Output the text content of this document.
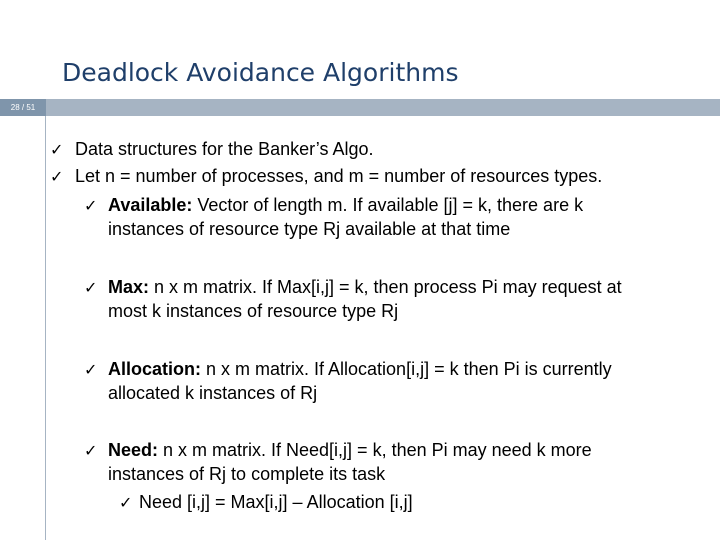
Deadlock Avoidance Algorithms
28 / 51
✓ Data structures for the Banker’s Algo.
✓ Let n = number of processes, and m = number of resources types.
✓ Available: Vector of length m. If available [j] = k, there are k
instances of resource type Rj available at that time
✓ Max: n x m matrix. If Max[i,j] = k, then process Pi may request at
most k instances of resource type Rj
✓ Allocation: n x m matrix. If Allocation[i,j] = k then Pi is currently
allocated k instances of Rj
✓ Need: n x m matrix. If Need[i,j] = k, then Pi may need k more
instances of Rj to complete its task
✓ Need [i,j] = Max[i,j] – Allocation [i,j]
